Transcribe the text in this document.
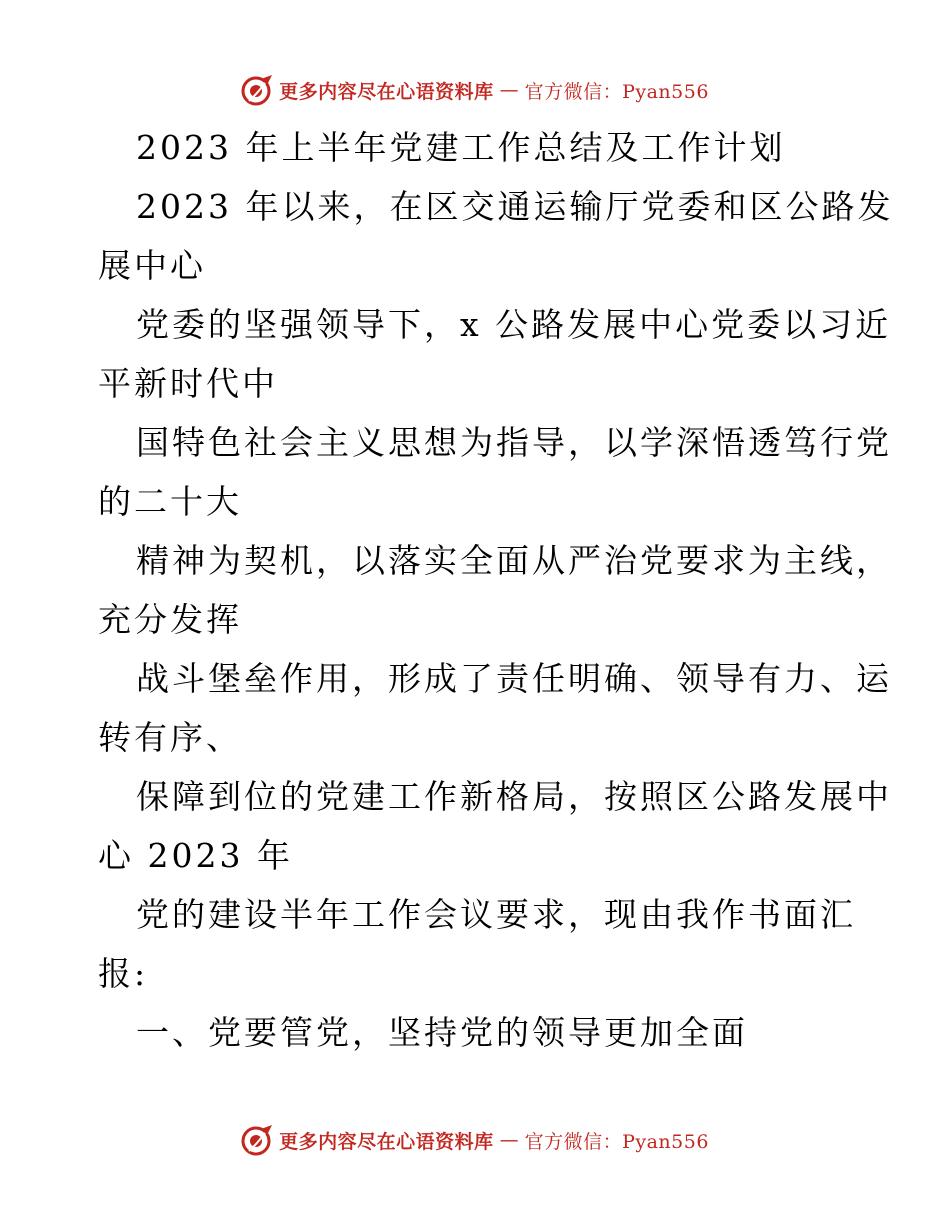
更多内容尽在心语资料库 — 官方微信：Pyan556
2023 年上半年党建工作总结及工作计划
2023 年以来，在区交通运输厅党委和区公路发
展中心
党委的坚强领导下，x 公路发展中心党委以习近
平新时代中
国特色社会主义思想为指导，以学深悟透笃行党
的二十大
精神为契机，以落实全面从严治党要求为主线，
充分发挥
战斗堡垒作用，形成了责任明确、领导有力、运
转有序、
保障到位的党建工作新格局，按照区公路发展中
心 2023 年
党的建设半年工作会议要求，现由我作书面汇
报:
一、党要管党，坚持党的领导更加全面
更多内容尽在心语资料库 — 官方微信：Pyan556
